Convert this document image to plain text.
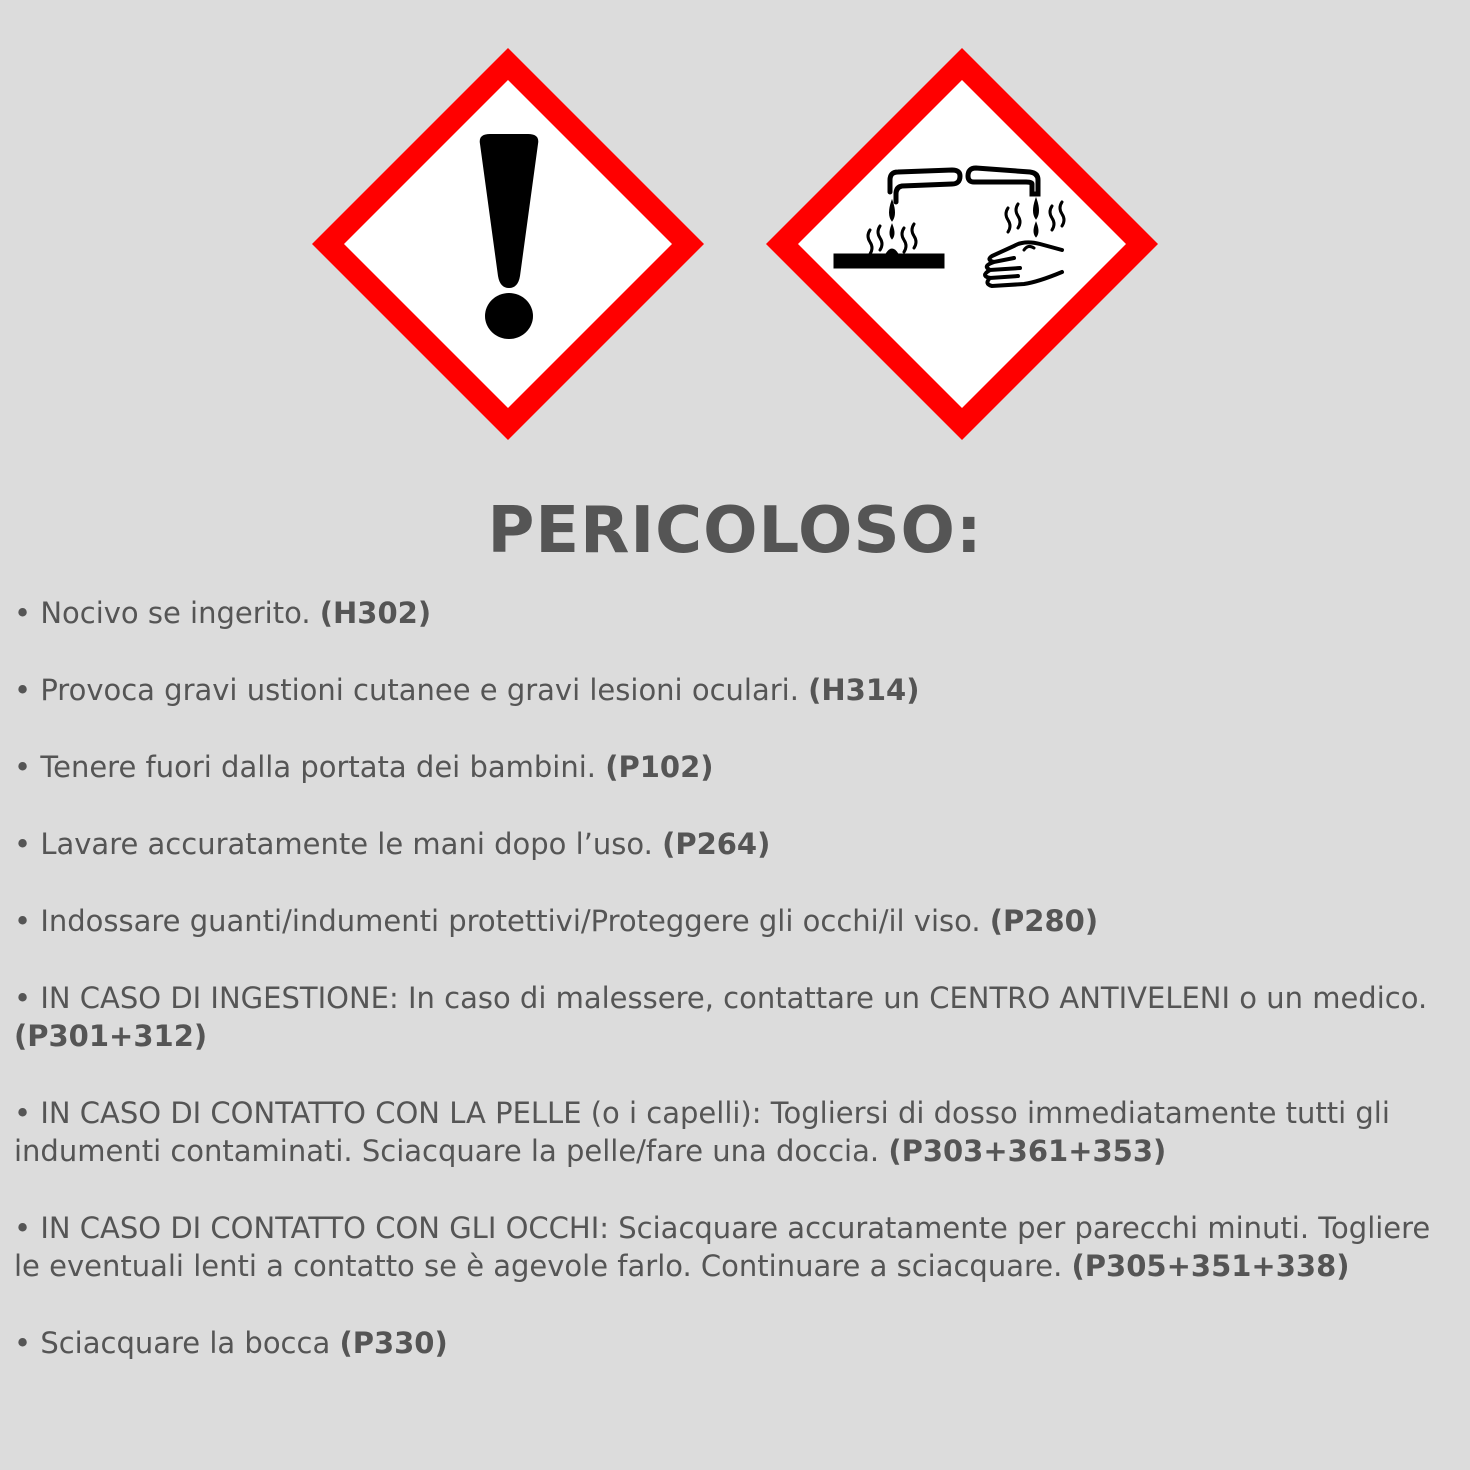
PERICOLOSO:
• Nocivo se ingerito. (H302)
• Provoca gravi ustioni cutanee e gravi lesioni oculari. (H314)
• Tenere fuori dalla portata dei bambini. (P102)
• Lavare accuratamente le mani dopo l’uso. (P264)
• Indossare guanti/indumenti protettivi/Proteggere gli occhi/il viso. (P280)
• IN CASO DI INGESTIONE: In caso di malessere, contattare un CENTRO ANTIVELENI o un medico. (P301+312)
• IN CASO DI CONTATTO CON LA PELLE (o i capelli): Togliersi di dosso immediatamente tutti gli indumenti contaminati. Sciacquare la pelle/fare una doccia. (P303+361+353)
• IN CASO DI CONTATTO CON GLI OCCHI: Sciacquare accuratamente per parecchi minuti. Togliere le eventuali lenti a contatto se è agevole farlo. Continuare a sciacquare. (P305+351+338)
• Sciacquare la bocca (P330)
